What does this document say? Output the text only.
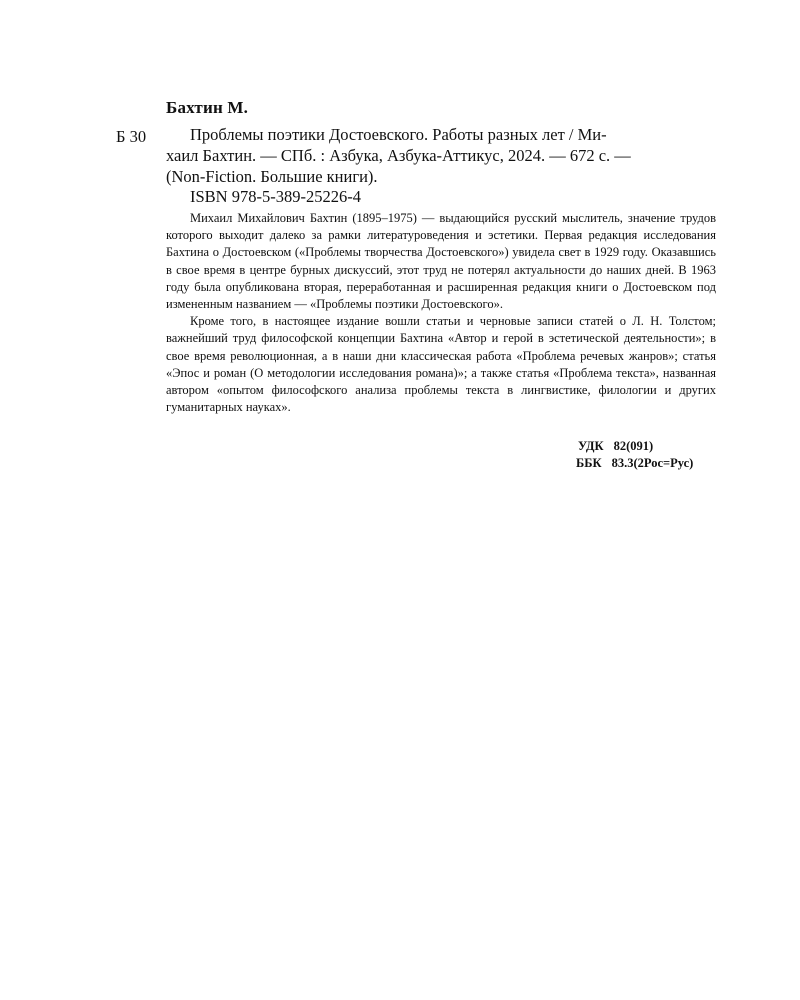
Бахтин М.
Б 30	Проблемы поэтики Достоевского. Работы разных лет / Ми-
хаил Бахтин. — СПб. : Азбука, Азбука-Аттикус, 2024. — 672 с. —
(Non-Fiction. Большие книги).
ISBN 978-5-389-25226-4

Михаил Михайлович Бахтин (1895–1975) — выдающийся русский мыслитель, значение трудов которого выходит далеко за рамки литературоведения и эстетики. Первая редакция исследования Бахтина о Достоевском («Проблемы творчества Достоевского») увидела свет в 1929 году. Оказавшись в свое время в центре бурных дискуссий, этот труд не потерял актуальности до наших дней. В 1963 году была опубликована вторая, переработанная и расширенная редакция книги о Достоевском под измененным названием — «Проблемы поэтики Достоевского».

Кроме того, в настоящее издание вошли статьи и черновые записи статей о Л. Н. Толстом; важнейший труд философской концепции Бахтина «Автор и герой в эстетической деятельности»; в свое время революционная, а в наши дни классическая работа «Проблема речевых жанров»; статья «Эпос и роман (О методологии исследования романа)»; а также статья «Проблема текста», названная автором «опытом философского анализа проблемы текста в лингвистике, филологии и других гуманитарных науках».

УДК 82(091)
ББК 83.3(2Рос=Рус)
